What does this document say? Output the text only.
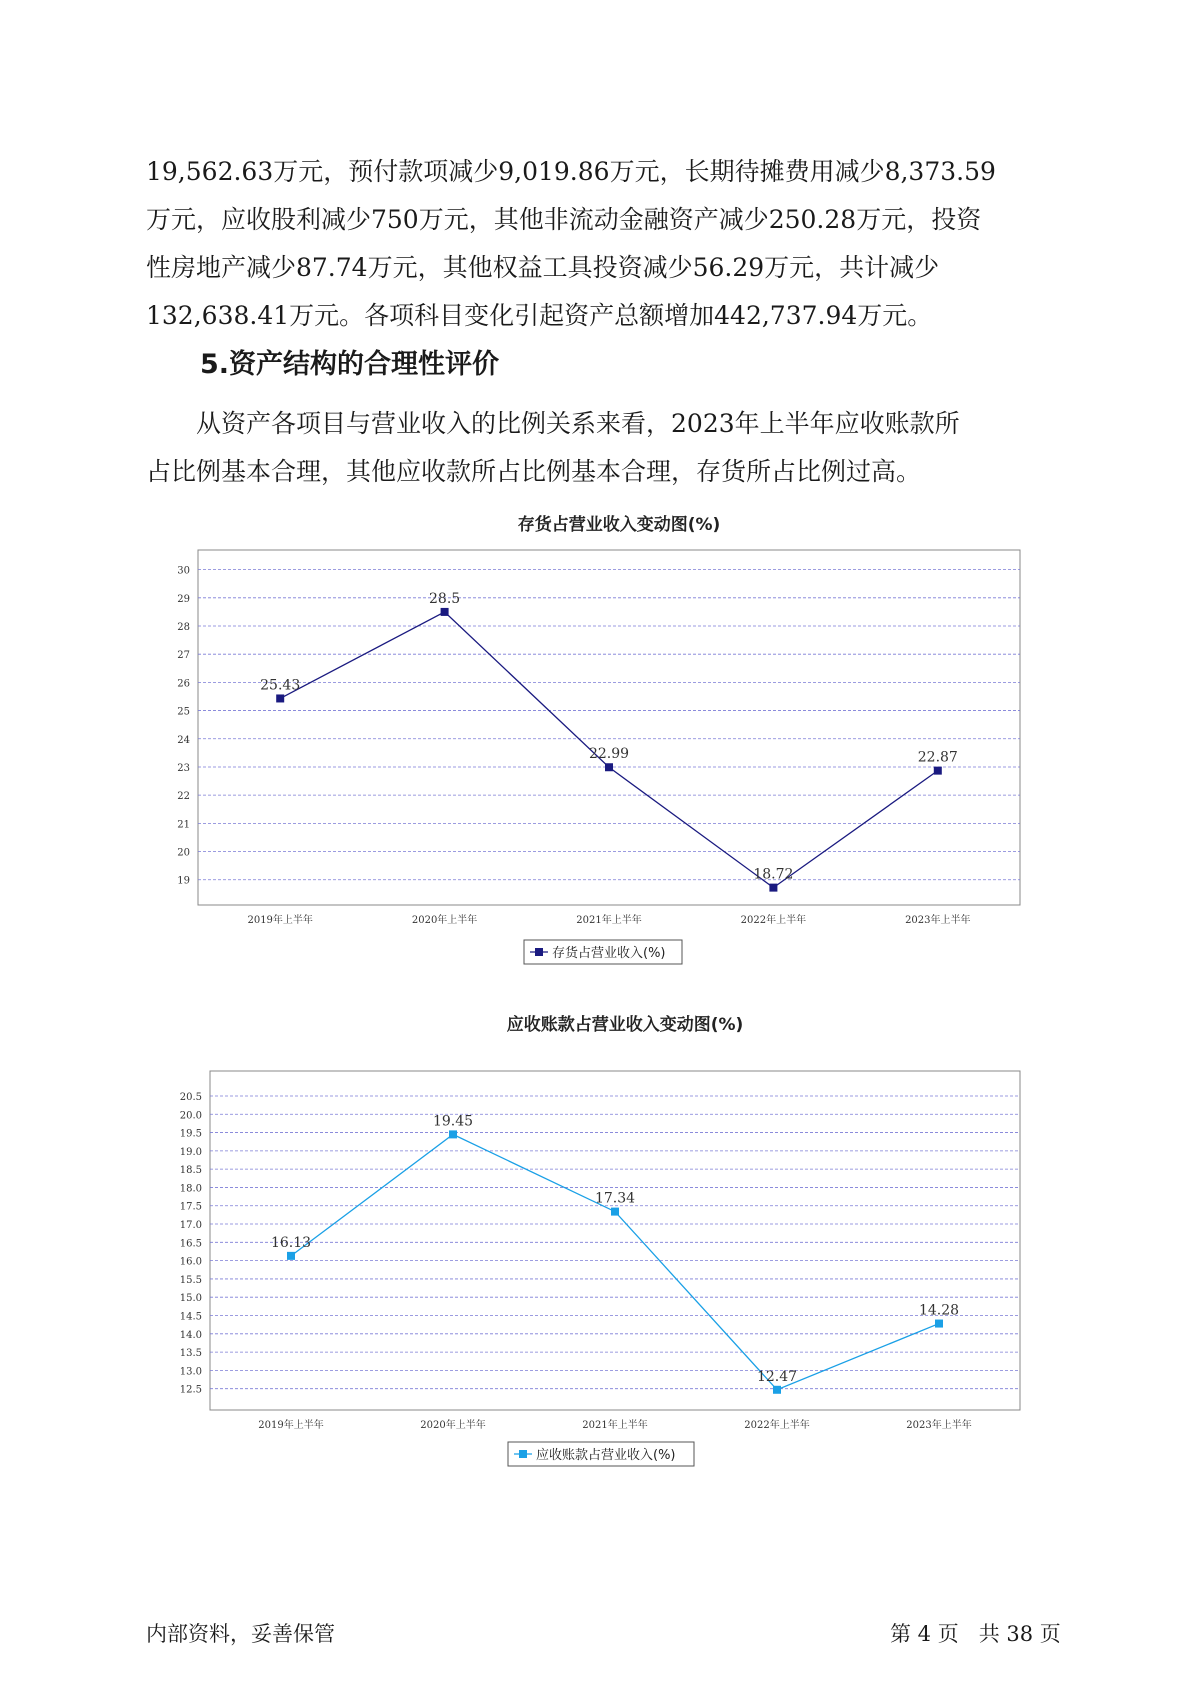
19,562.63万元，预付款项减少9,019.86万元，长期待摊费用减少8,373.59
万元，应收股利减少750万元，其他非流动金融资产减少250.28万元，投资
性房地产减少87.74万元，其他权益工具投资减少56.29万元，共计减少
132,638.41万元。各项科目变化引起资产总额增加442,737.94万元。
5.资产结构的合理性评价
从资产各项目与营业收入的比例关系来看，2023年上半年应收账款所
占比例基本合理，其他应收款所占比例基本合理，存货所占比例过高。
存货占营业收入变动图(%)
19
20
21
22
23
24
25
26
27
28
29
30
2019年上半年	2020年上半年	2021年上半年	2022年上半年	2023年上半年
25.43
28.5
22.99
18.72
22.87
存货占营业收入(%)
应收账款占营业收入变动图(%)
12.5
13.0
13.5
14.0
14.5
15.0
15.5
16.0
16.5
17.0
17.5
18.0
18.5
19.0
19.5
20.0
20.5
2019年上半年	2020年上半年	2021年上半年	2022年上半年	2023年上半年
16.13
19.45
17.34
12.47
14.28
应收账款占营业收入(%)
内部资料，妥善保管	第 4 页   共 38 页
